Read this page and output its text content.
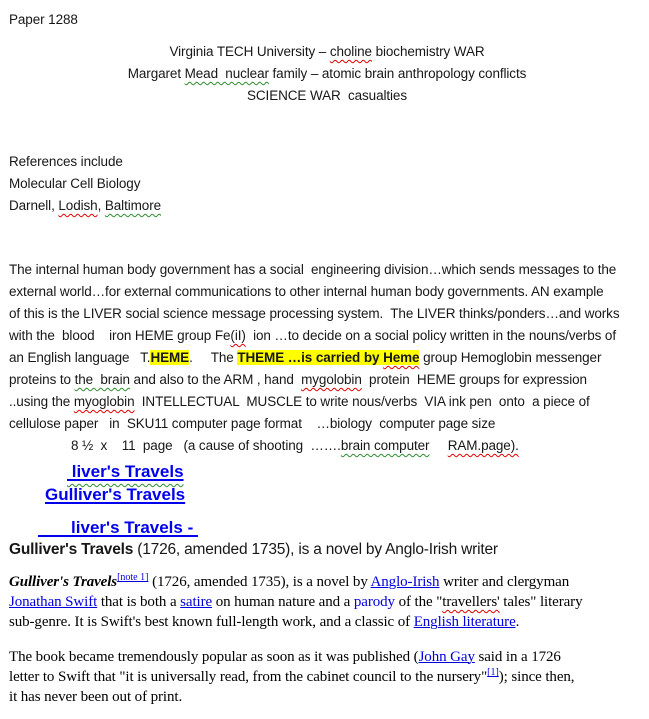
Paper 1288
Virginia TECH University – choline biochemistry WAR
Margaret Mead  nuclear family – atomic brain anthropology conflicts
SCIENCE WAR  casualties
References include
Molecular Cell Biology
Darnell, Lodish, Baltimore
The internal human body government has a social  engineering division…which sends messages to the
external world…for external communications to other internal human body governments. AN example
of this is the LIVER social science message processing system.  The LIVER thinks/ponders…and works
with the  blood    iron HEME group Fe(iI)  ion …to decide on a social policy written in the nouns/verbs of
an English language   T.HEME.     The THEME …is carried by Heme group Hemoglobin messenger
proteins to the  brain and also to the ARM , hand  mygolobin  protein  HEME groups for expression
..using the myoglobin  INTELLECTUAL  MUSCLE to write nous/verbs  VIA ink pen  onto  a piece of
cellulose paper   in  SKU11 computer page format    …biology  computer page size
8 ½  x    11  page   (a cause of shooting  …….brain computer RAM.page).
liver's Travels
Gulliver's Travels
liver's Travels -
Gulliver's Travels (1726, amended 1735), is a novel by Anglo-Irish writer
Gulliver's Travels[note 1] (1726, amended 1735), is a novel by Anglo-Irish writer and clergyman
Jonathan Swift that is both a satire on human nature and a parody of the "travellers' tales" literary
sub-genre. It is Swift's best known full-length work, and a classic of English literature.
The book became tremendously popular as soon as it was published (John Gay said in a 1726
letter to Swift that "it is universally read, from the cabinet council to the nursery"[1]); since then,
it has never been out of print.
